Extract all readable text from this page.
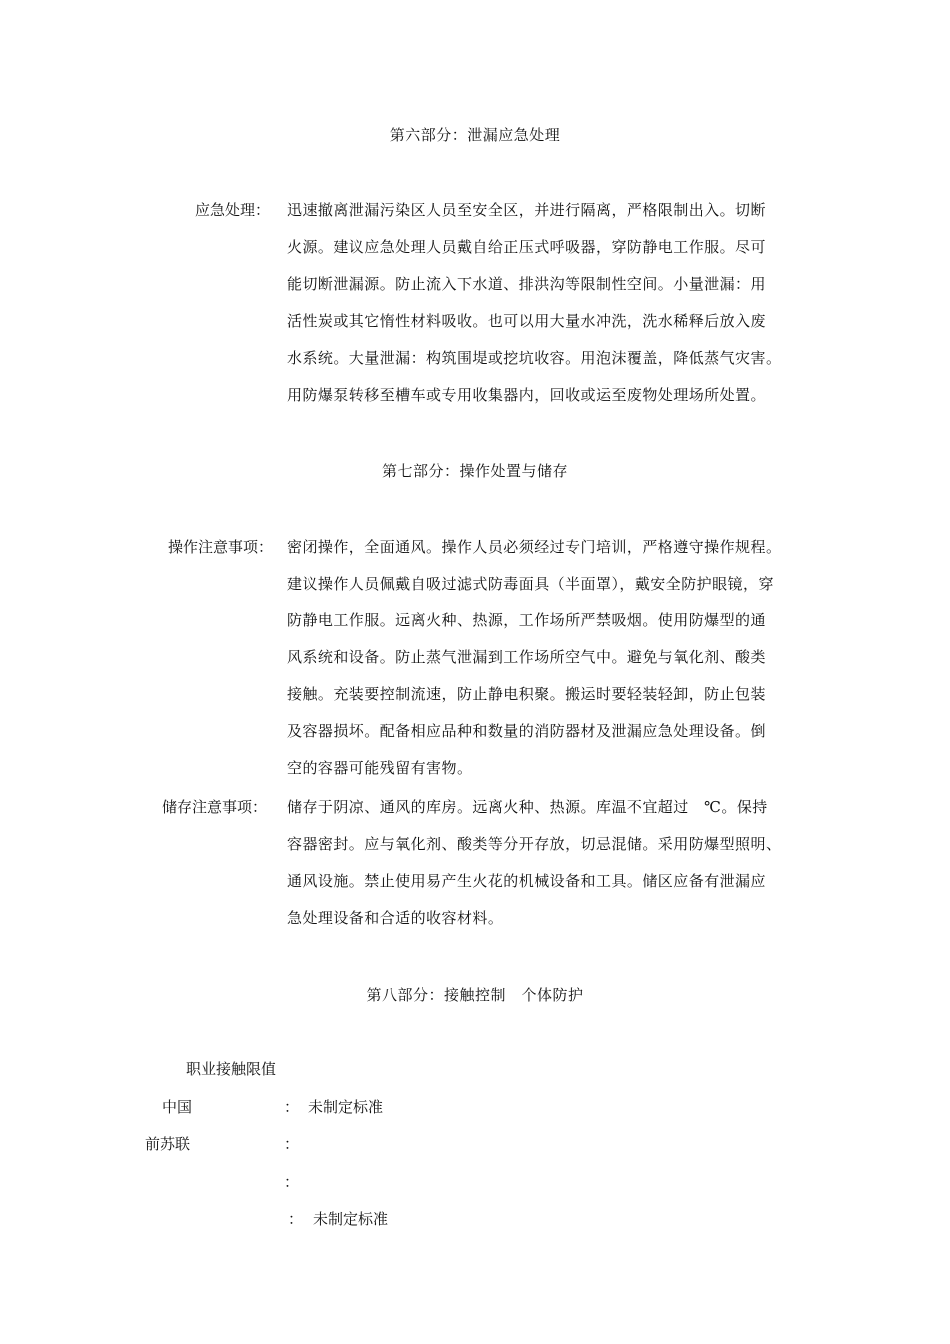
第六部分：泄漏应急处理
应急处理： 迅速撤离泄漏污染区人员至安全区，并进行隔离，严格限制出入。切断
火源。建议应急处理人员戴自给正压式呼吸器，穿防静电工作服。尽可
能切断泄漏源。防止流入下水道、排洪沟等限制性空间。小量泄漏：用
活性炭或其它惰性材料吸收。也可以用大量水冲洗，洗水稀释后放入废
水系统。大量泄漏：构筑围堤或挖坑收容。用泡沫覆盖，降低蒸气灾害。
用防爆泵转移至槽车或专用收集器内，回收或运至废物处理场所处置。
第七部分：操作处置与储存
操作注意事项： 密闭操作，全面通风。操作人员必须经过专门培训，严格遵守操作规程。
建议操作人员佩戴自吸过滤式防毒面具（半面罩），戴安全防护眼镜，穿
防静电工作服。远离火种、热源，工作场所严禁吸烟。使用防爆型的通
风系统和设备。防止蒸气泄漏到工作场所空气中。避免与氧化剂、酸类
接触。充装要控制流速，防止静电积聚。搬运时要轻装轻卸，防止包装
及容器损坏。配备相应品种和数量的消防器材及泄漏应急处理设备。倒
空的容器可能残留有害物。
储存注意事项： 储存于阴凉、通风的库房。远离火种、热源。库温不宜超过　℃。保持
容器密封。应与氧化剂、酸类等分开存放，切忌混储。采用防爆型照明、
通风设施。禁止使用易产生火花的机械设备和工具。储区应备有泄漏应
急处理设备和合适的收容材料。
第八部分：接触控制　个体防护
职业接触限值
中国	： 未制定标准
前苏联	：
：
： 未制定标准
